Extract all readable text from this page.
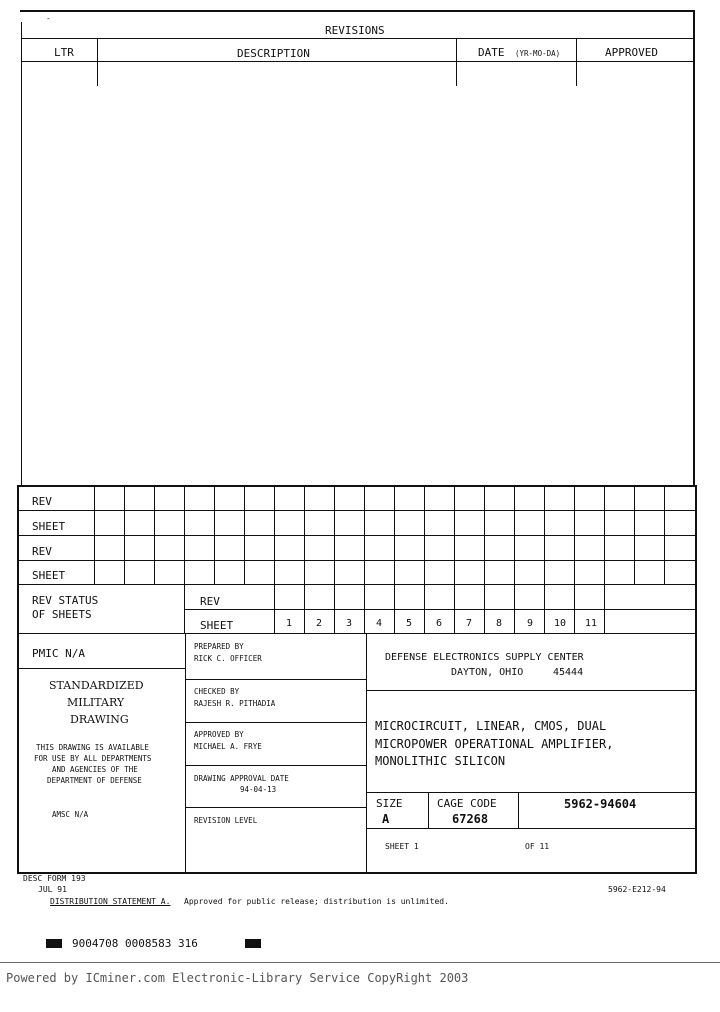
REVISIONS
LTR	DESCRIPTION	DATE (YR-MO-DA)	APPROVED
-
REV
SHEET
REV
SHEET
REV STATUS
OF SHEETS
REV
SHEET	1 2 3 4 5 6 7 8 9 10 11
PMIC N/A
STANDARDIZED
MILITARY
DRAWING
THIS DRAWING IS AVAILABLE
FOR USE BY ALL DEPARTMENTS
AND AGENCIES OF THE
DEPARTMENT OF DEFENSE
AMSC N/A
PREPARED BY
RICK C. OFFICER
CHECKED BY
RAJESH R. PITHADIA
APPROVED BY
MICHAEL A. FRYE
DRAWING APPROVAL DATE
94-04-13
REVISION LEVEL
DEFENSE ELECTRONICS SUPPLY CENTER
DAYTON, OHIO	45444
MICROCIRCUIT, LINEAR, CMOS, DUAL
MICROPOWER OPERATIONAL AMPLIFIER,
MONOLITHIC SILICON
SIZE
A
CAGE CODE
67268
5962-94604
SHEET 1	OF 11
DESC FORM 193
JUL 91	5962-E212-94
DISTRIBUTION STATEMENT A. Approved for public release; distribution is unlimited.
9004708 0008583 316
Powered by ICminer.com Electronic-Library Service CopyRight 2003
